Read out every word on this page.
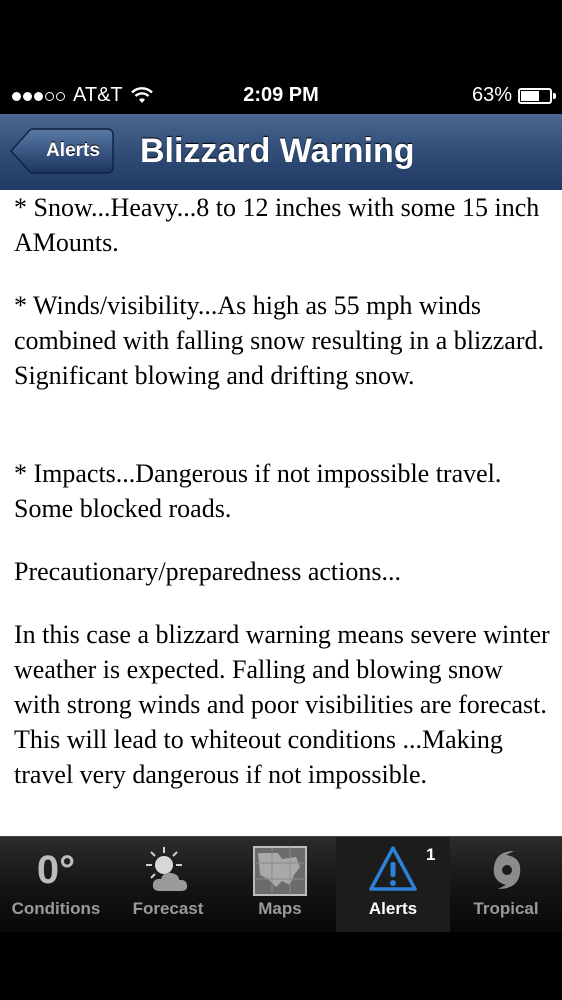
AT&T	2:09 PM	63%
Alerts Blizzard Warning

* Snow...Heavy...8 to 12 inches with some 15 inch AMounts.

* Winds/visibility...As high as 55 mph winds combined with falling snow resulting in a blizzard. Significant blowing and drifting snow.

* Impacts...Dangerous if not impossible travel. Some blocked roads.

Precautionary/preparedness actions...

In this case a blizzard warning means severe winter weather is expected. Falling and blowing snow with strong winds and poor visibilities are forecast. This will lead to whiteout conditions ...Making travel very dangerous if not impossible.

0°
Conditions	Forecast	Maps
1
Alerts	Tropical
